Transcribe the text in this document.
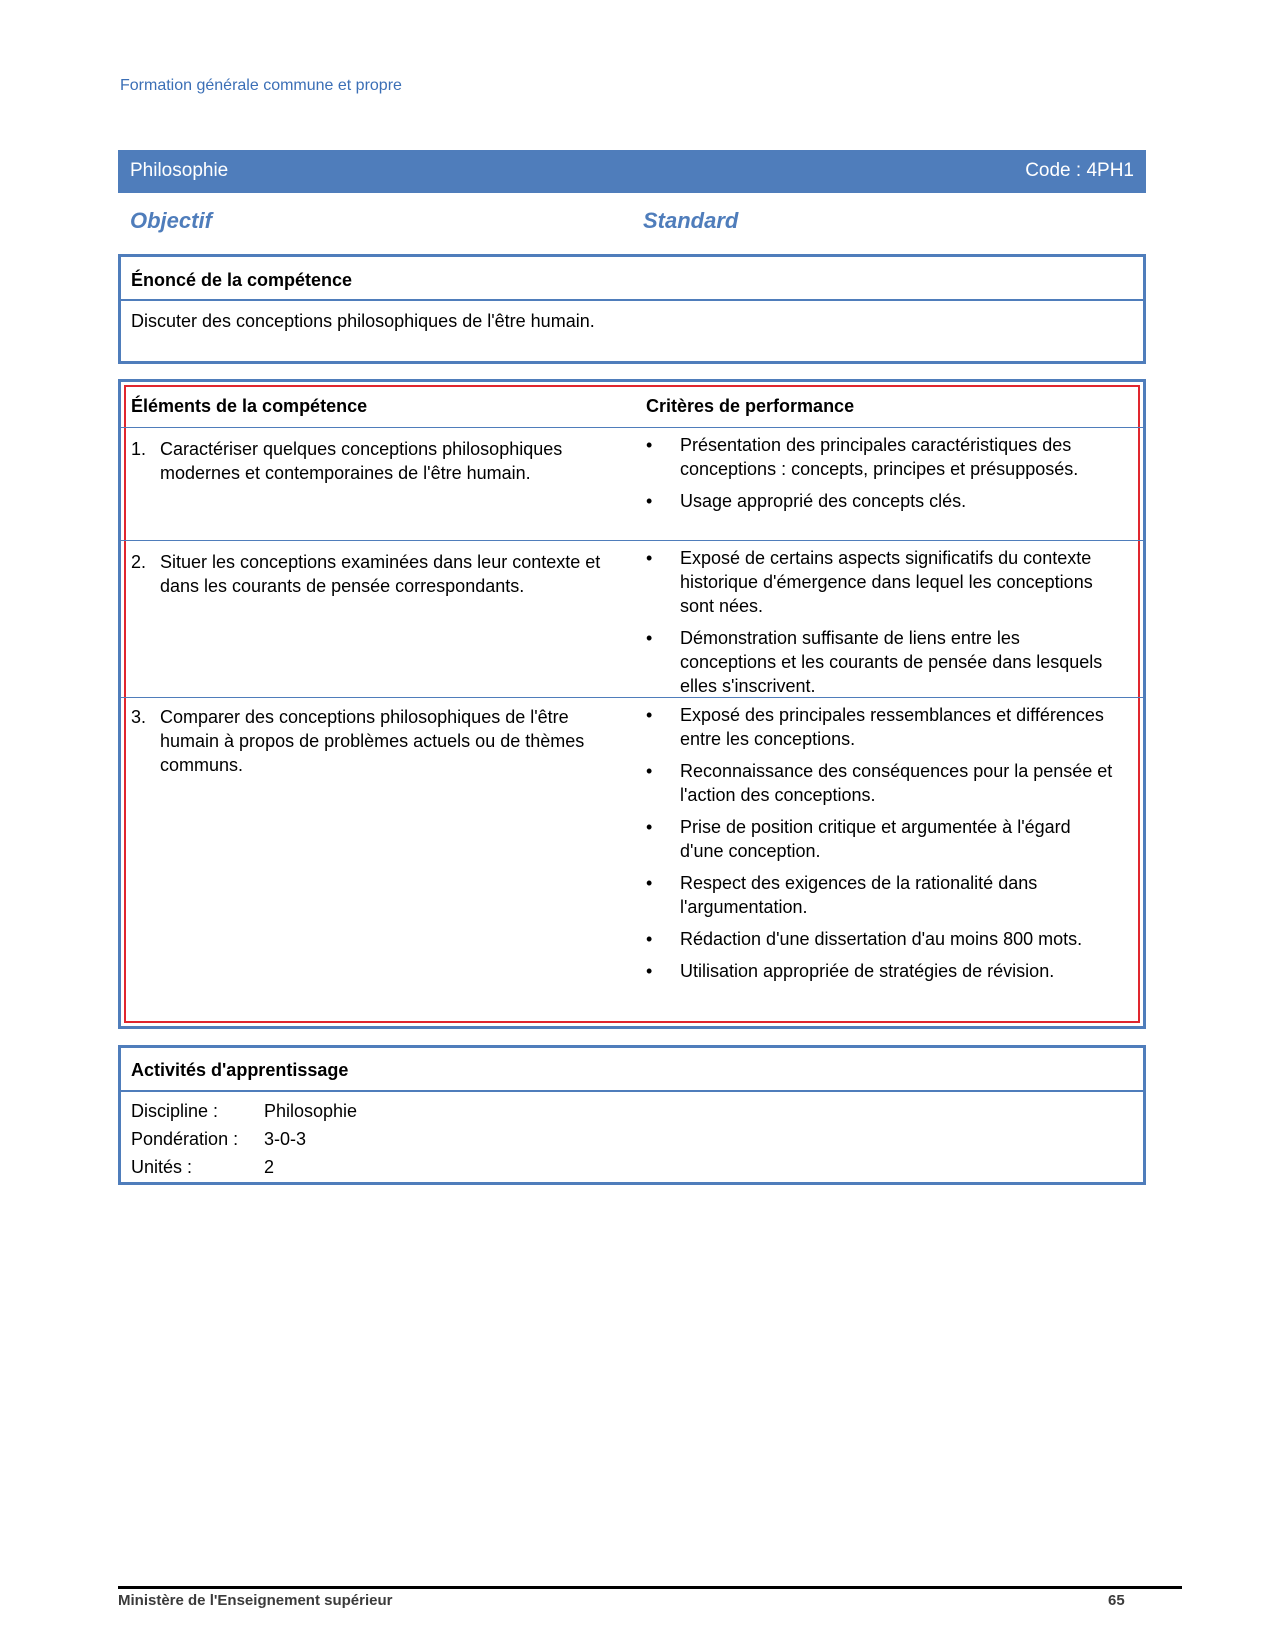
Formation générale commune et propre
Philosophie	Code : 4PH1
Objectif	Standard
Énoncé de la compétence
Discuter des conceptions philosophiques de l'être humain.
Éléments de la compétence	Critères de performance
1. Caractériser quelques conceptions philosophiques modernes et contemporaines de l'être humain.
•	Présentation des principales caractéristiques des conceptions : concepts, principes et présupposés.
•	Usage approprié des concepts clés.
2. Situer les conceptions examinées dans leur contexte et dans les courants de pensée correspondants.
•	Exposé de certains aspects significatifs du contexte historique d'émergence dans lequel les conceptions sont nées.
•	Démonstration suffisante de liens entre les conceptions et les courants de pensée dans lesquels elles s'inscrivent.
3. Comparer des conceptions philosophiques de l'être humain à propos de problèmes actuels ou de thèmes communs.
•	Exposé des principales ressemblances et différences entre les conceptions.
•	Reconnaissance des conséquences pour la pensée et l'action des conceptions.
•	Prise de position critique et argumentée à l'égard d'une conception.
•	Respect des exigences de la rationalité dans l'argumentation.
•	Rédaction d'une dissertation d'au moins 800 mots.
•	Utilisation appropriée de stratégies de révision.
Activités d'apprentissage
Discipline :	Philosophie
Pondération :	3-0-3
Unités :	2
Ministère de l'Enseignement supérieur	65
